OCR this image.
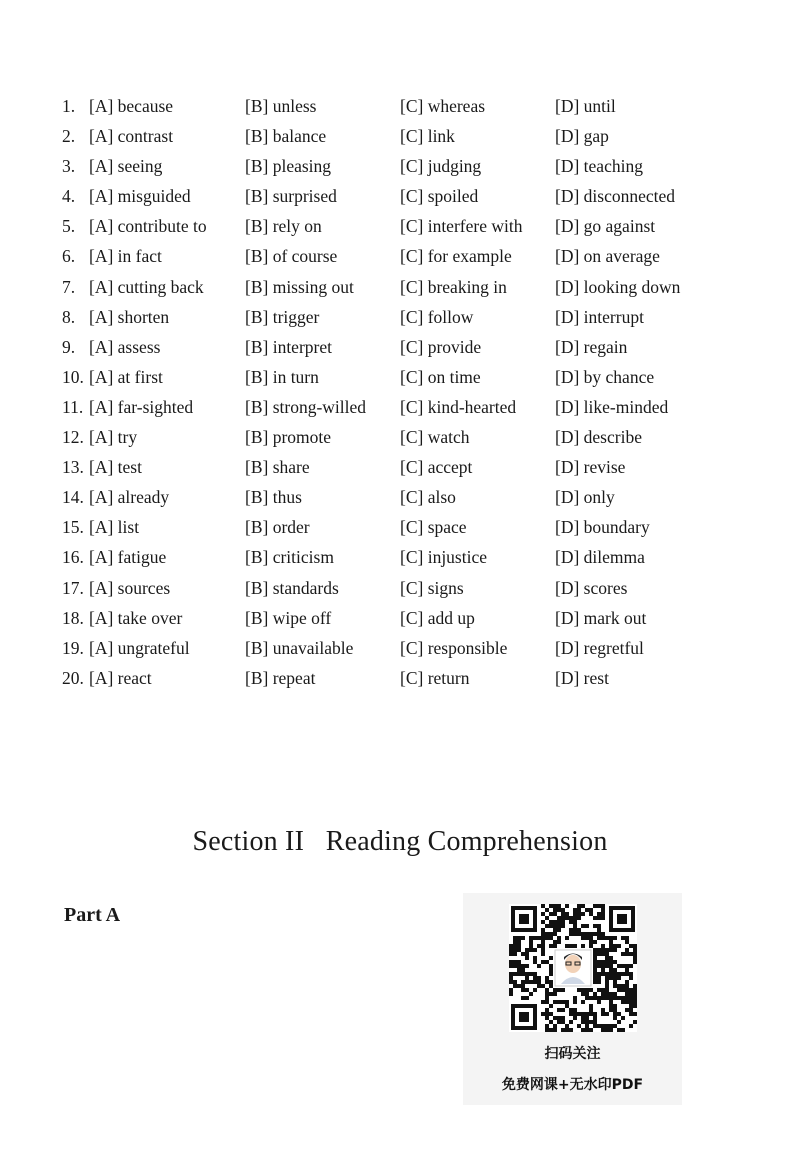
1. [A] because	[B] unless	[C] whereas	[D] until
2. [A] contrast	[B] balance	[C] link	[D] gap
3. [A] seeing	[B] pleasing	[C] judging	[D] teaching
4. [A] misguided	[B] surprised	[C] spoiled	[D] disconnected
5. [A] contribute to [B] rely on	[C] interfere with [D] go against
6. [A] in fact	[B] of course	[C] for example [D] on average
7. [A] cutting back [B] missing out	[C] breaking in	[D] looking down
8. [A] shorten	[B] trigger	[C] follow	[D] interrupt
9. [A] assess	[B] interpret	[C] provide	[D] regain
10. [A] at first	[B] in turn	[C] on time	[D] by chance
11. [A] far-sighted	[B] strong-willed [C] kind-hearted [D] like-minded
12. [A] try	[B] promote	[C] watch	[D] describe
13. [A] test	[B] share	[C] accept	[D] revise
14. [A] already	[B] thus	[C] also	[D] only
15. [A] list	[B] order	[C] space	[D] boundary
16. [A] fatigue	[B] criticism	[C] injustice	[D] dilemma
17. [A] sources	[B] standards	[C] signs	[D] scores
18. [A] take over	[B] wipe off	[C] add up	[D] mark out
19. [A] ungrateful	[B] unavailable	[C] responsible	[D] regretful
20. [A] react	[B] repeat	[C] return	[D] rest
Section II   Reading Comprehension
Part A
扫码关注
免费网课+无水印PDF
